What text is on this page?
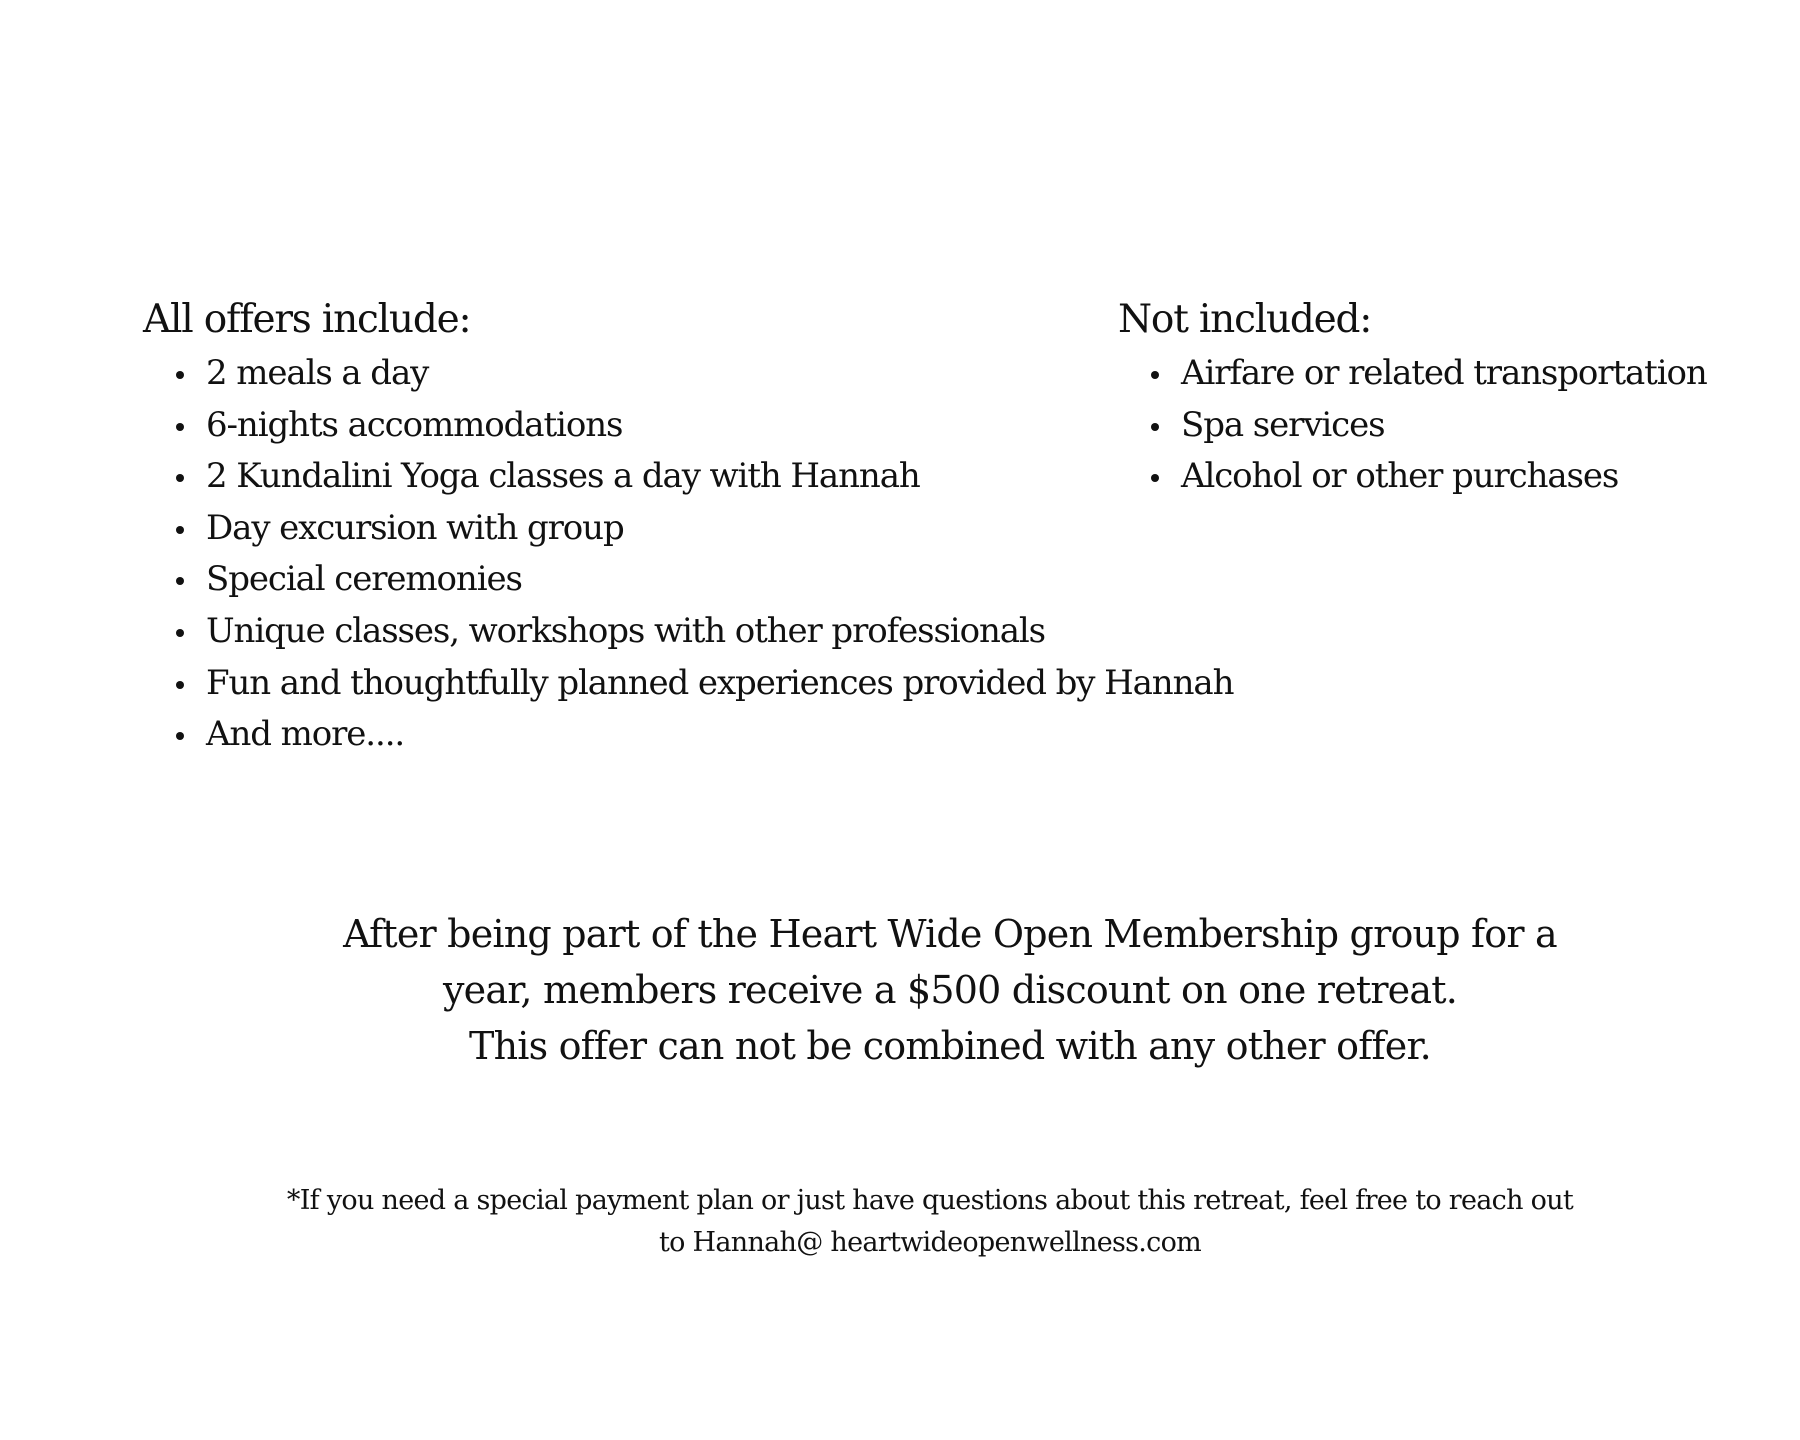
All offers include:
2 meals a day
6-nights accommodations
2 Kundalini Yoga classes a day with Hannah
Day excursion with group
Special ceremonies
Unique classes, workshops with other professionals
Fun and thoughtfully planned experiences provided by Hannah
And more....
Not included:
Airfare or related transportation
Spa services
Alcohol or other purchases
After being part of the Heart Wide Open Membership group for a
year, members receive a $500 discount on one retreat.
This offer can not be combined with any other offer.
*If you need a special payment plan or just have questions about this retreat, feel free to reach out
to Hannah@ heartwideopenwellness.com
